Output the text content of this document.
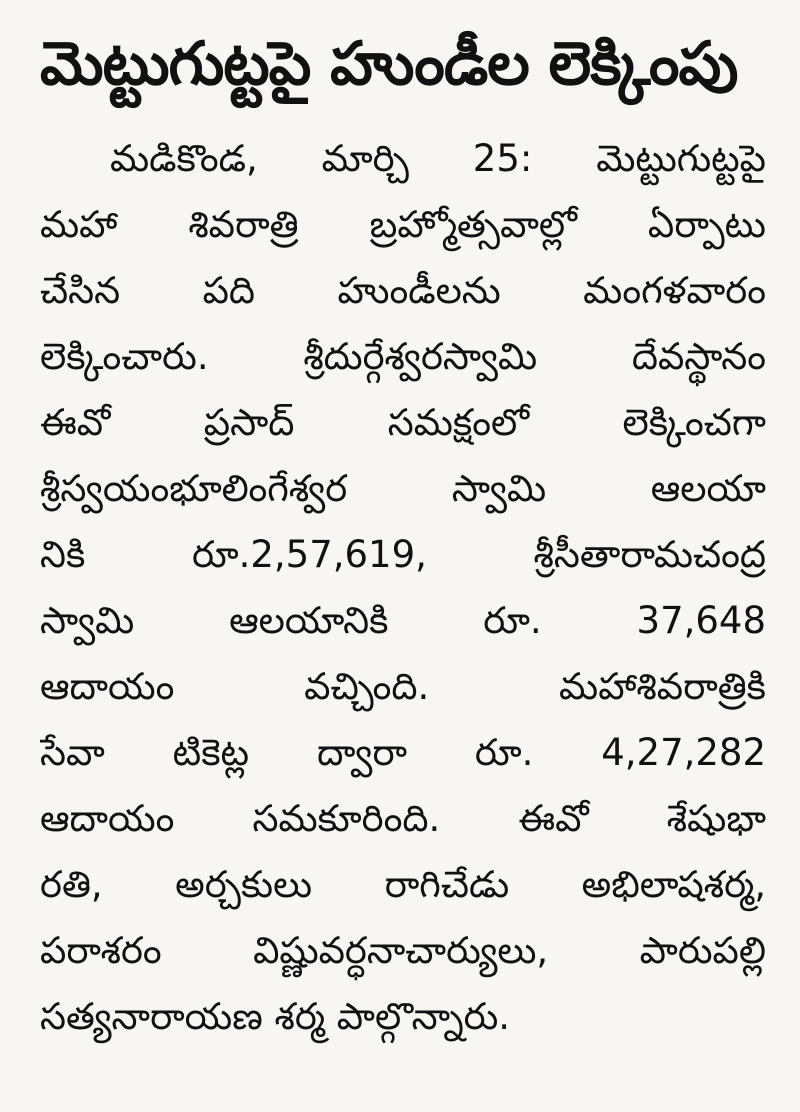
మెట్టుగుట్టపై హుండీల లెక్కింపు
మడికొండ, మార్చి 25: మెట్టుగుట్టపై
మహా శివరాత్రి బ్రహ్మోత్సవాల్లో ఏర్పాటు
చేసిన పది హుండీలను మంగళవారం
లెక్కించారు. శ్రీదుర్గేశ్వరస్వామి దేవస్థానం
ఈవో ప్రసాద్ సమక్షంలో లెక్కించగా
శ్రీస్వయంభూలింగేశ్వర స్వామి ఆలయా
నికి రూ.2,57,619, శ్రీసీతారామచంద్ర
స్వామి ఆలయానికి రూ. 37,648
ఆదాయం వచ్చింది. మహాశివరాత్రికి
సేవా టికెట్ల ద్వారా రూ. 4,27,282
ఆదాయం సమకూరింది. ఈవో శేషుభా
రతి, అర్చకులు రాగిచేడు అభిలాషశర్మ,
పరాశరం విష్ణువర్ధనాచార్యులు, పారుపల్లి
సత్యనారాయణ శర్మ పాల్గొన్నారు.
